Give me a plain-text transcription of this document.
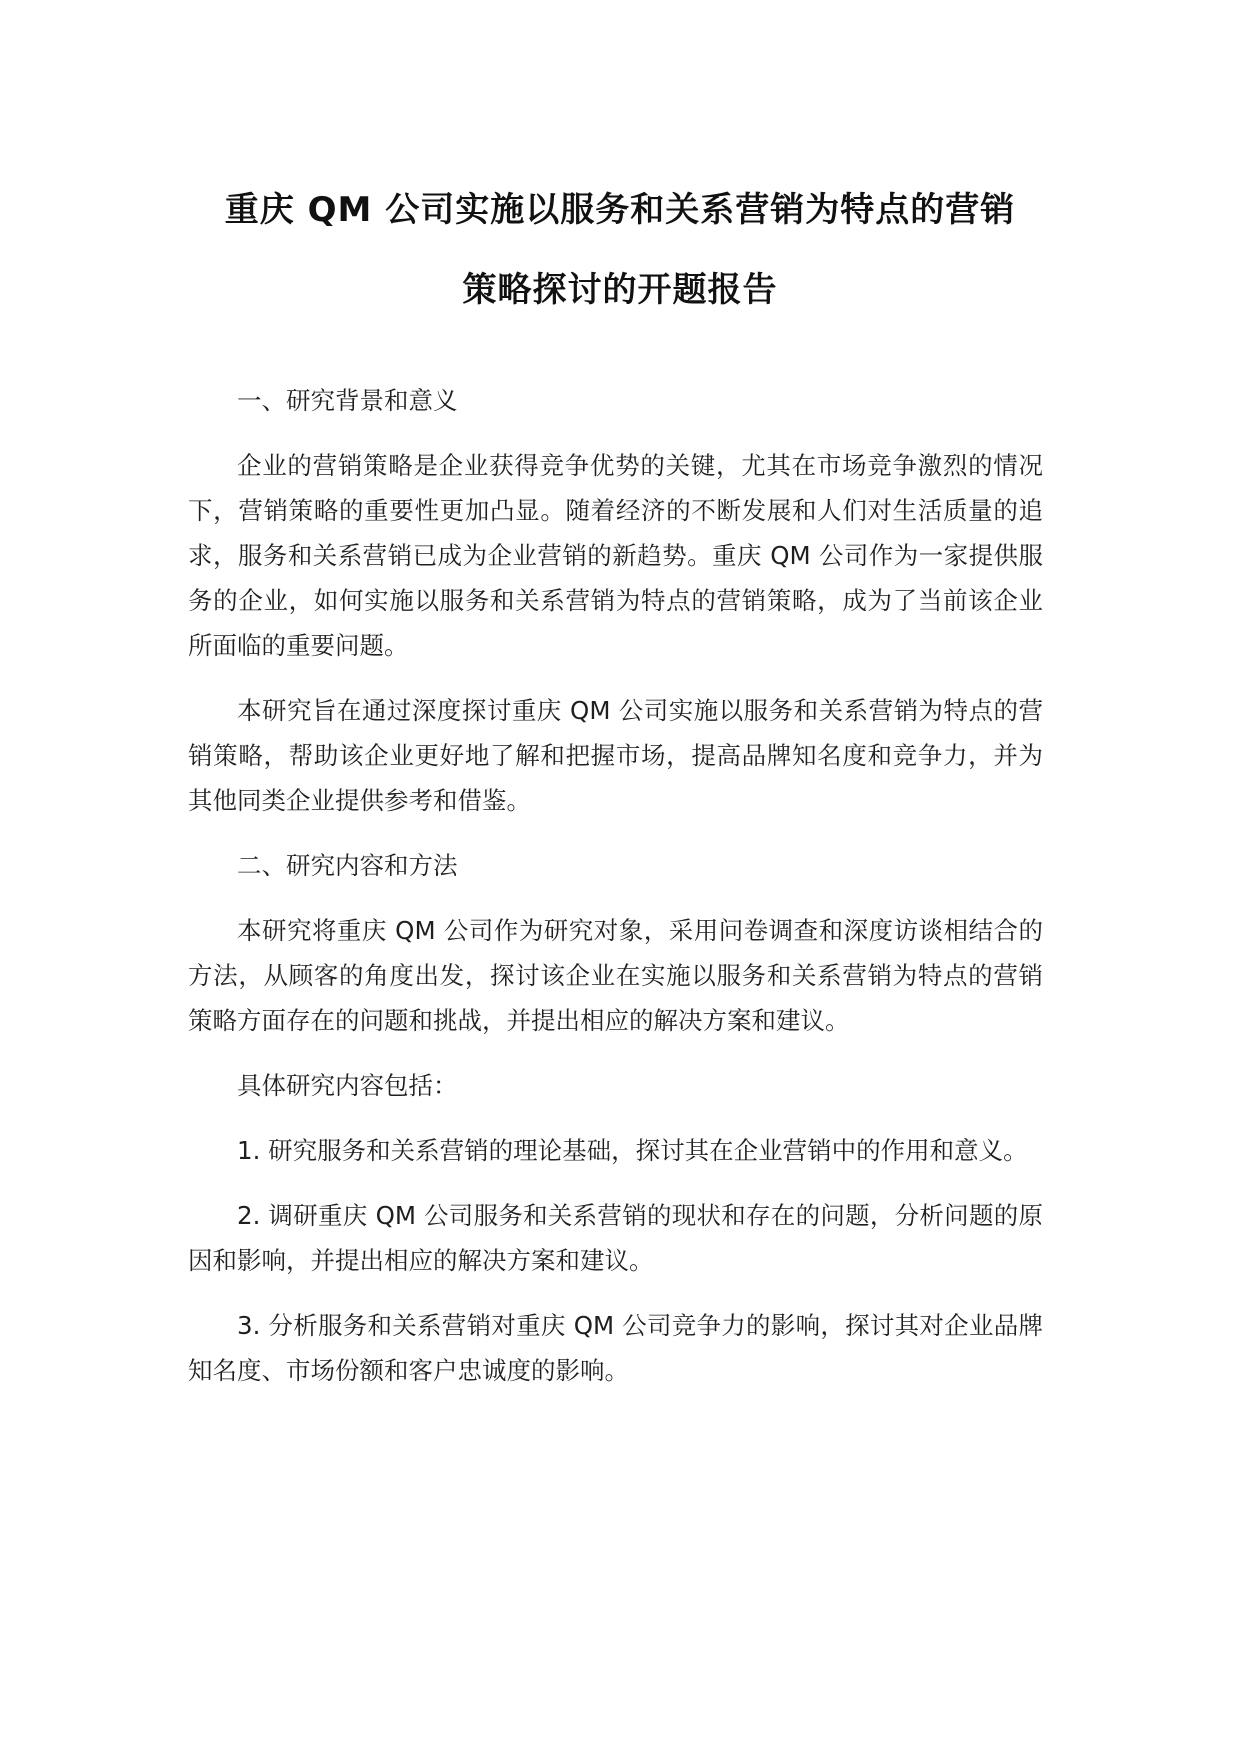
重庆 QM 公司实施以服务和关系营销为特点的营销
策略探讨的开题报告

一、研究背景和意义

企业的营销策略是企业获得竞争优势的关键，尤其在市场竞争激烈的情况下，营销策略的重要性更加凸显。随着经济的不断发展和人们对生活质量的追求，服务和关系营销已成为企业营销的新趋势。重庆 QM 公司作为一家提供服务的企业，如何实施以服务和关系营销为特点的营销策略，成为了当前该企业所面临的重要问题。

本研究旨在通过深度探讨重庆 QM 公司实施以服务和关系营销为特点的营销策略，帮助该企业更好地了解和把握市场，提高品牌知名度和竞争力，并为其他同类企业提供参考和借鉴。

二、研究内容和方法

本研究将重庆 QM 公司作为研究对象，采用问卷调查和深度访谈相结合的方法，从顾客的角度出发，探讨该企业在实施以服务和关系营销为特点的营销策略方面存在的问题和挑战，并提出相应的解决方案和建议。

具体研究内容包括：

1. 研究服务和关系营销的理论基础，探讨其在企业营销中的作用和意义。

2. 调研重庆 QM 公司服务和关系营销的现状和存在的问题，分析问题的原因和影响，并提出相应的解决方案和建议。

3. 分析服务和关系营销对重庆 QM 公司竞争力的影响，探讨其对企业品牌知名度、市场份额和客户忠诚度的影响。
